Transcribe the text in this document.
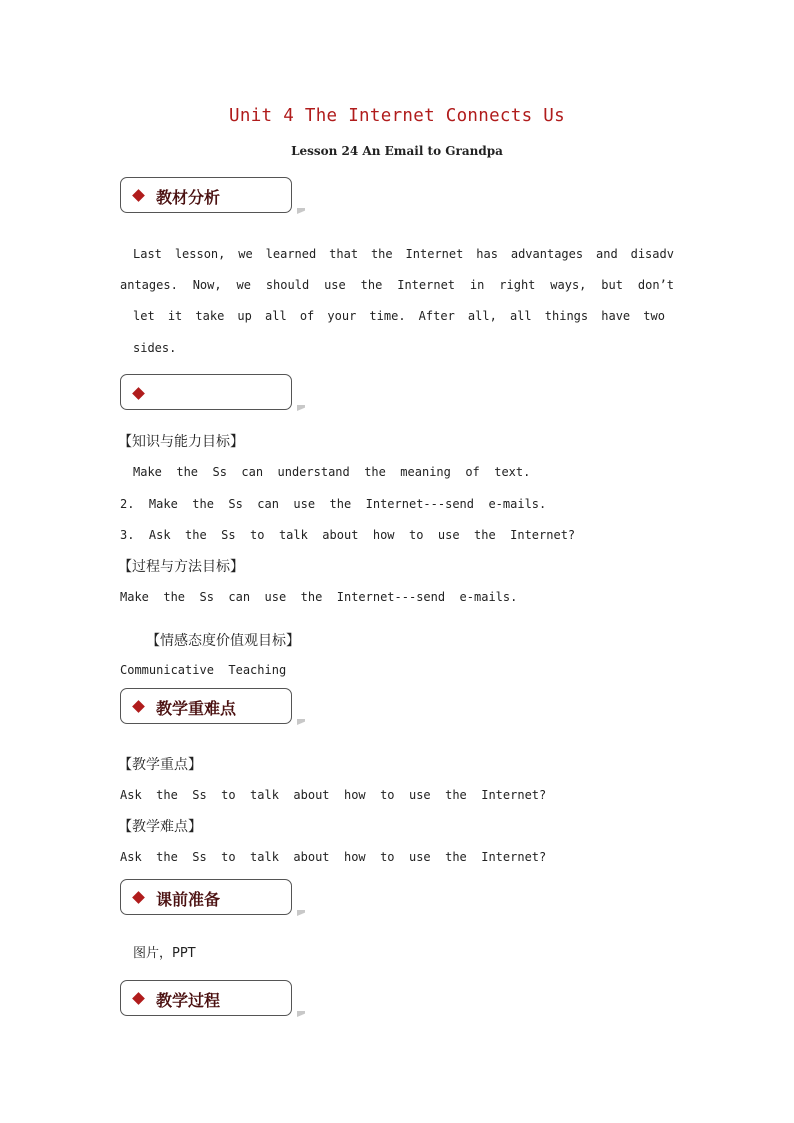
Unit 4 The Internet Connects Us
Lesson 24 An Email to Grandpa
教材分析
Last lesson, we learned that the Internet has advantages and disadv
antages. Now, we should use the Internet in right ways, but don’t
let it take up all of your time. After all, all things have two
sides.
【知识与能力目标】
Make  the  Ss  can  understand  the  meaning  of  text.
2.  Make  the  Ss  can  use  the  Internet---send  e-mails.
3.  Ask  the  Ss  to  talk  about  how  to  use  the  Internet?
【过程与方法目标】
Make  the  Ss  can  use  the  Internet---send  e-mails.
【情感态度价值观目标】
Communicative  Teaching
教学重难点
【教学重点】
Ask  the  Ss  to  talk  about  how  to  use  the  Internet?
【教学难点】
Ask  the  Ss  to  talk  about  how  to  use  the  Internet?
课前准备
图片，PPT
教学过程
